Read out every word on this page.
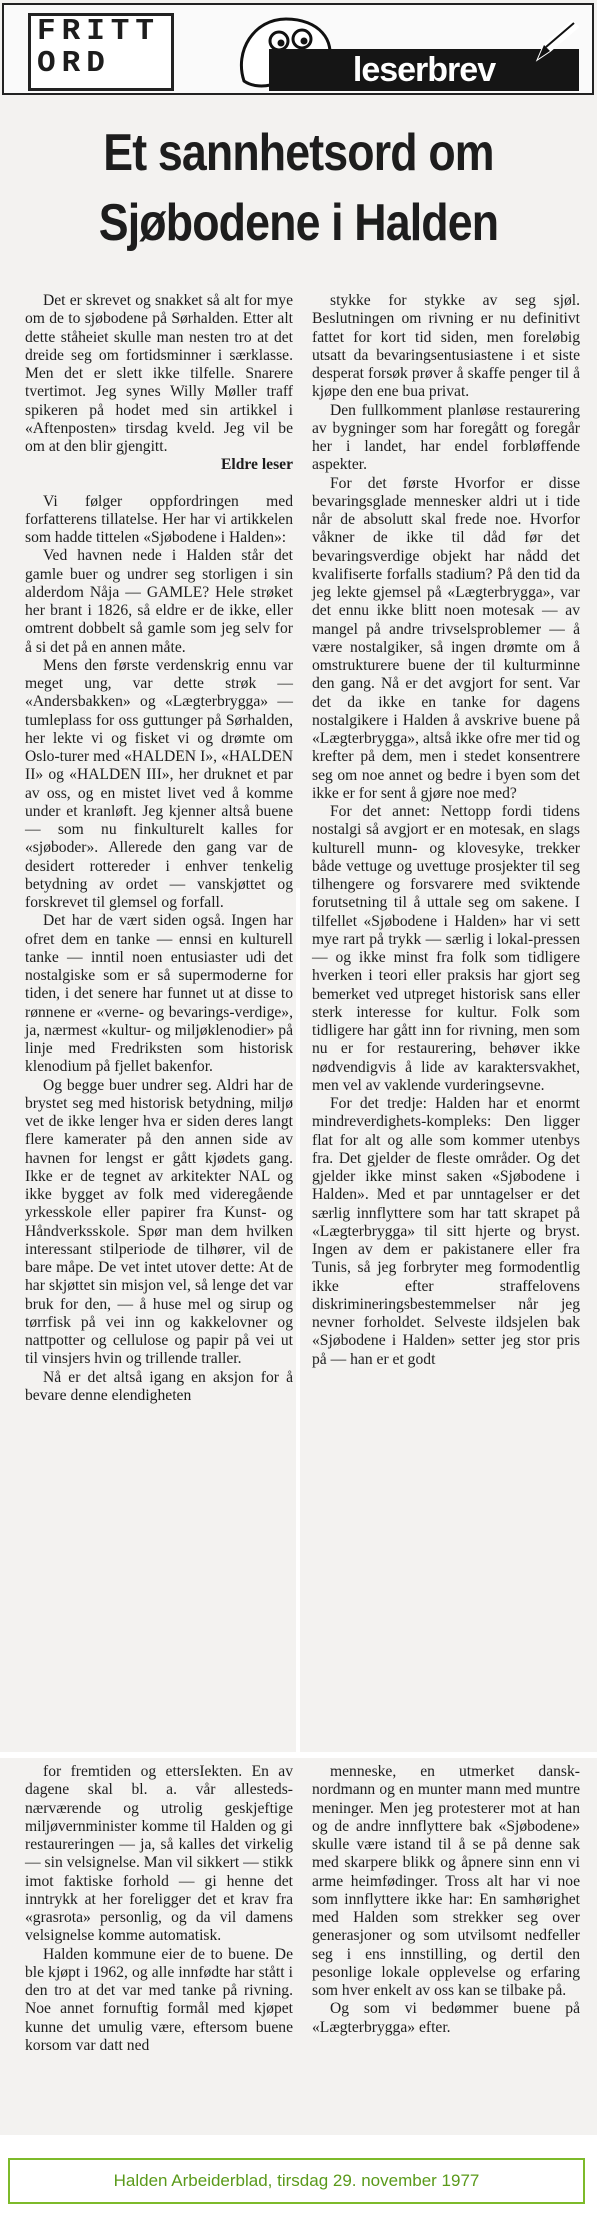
FRITT
ORD	leserbrev
Et sannhetsord om
Sjøbodene i Halden

Det er skrevet og snakket så alt for mye om de to sjøbodene på Sørhalden. Etter alt dette ståheiet skulle man nesten tro at det dreide seg om fortidsminner i særklasse. Men det er slett ikke tilfelle. Snarere tvertimot. Jeg synes Willy Møller traff spikeren på hodet med sin artikkel i «Aftenposten» tirsdag kveld. Jeg vil be om at den blir gjengitt.

Eldre leser

Vi følger oppfordringen med forfatterens tillatelse. Her har vi artikkelen som hadde tittelen «Sjøbodene i Halden»:

Ved havnen nede i Halden står det gamle buer og undrer seg storligen i sin alderdom Nåja — GAMLE? Hele strøket her brant i 1826, så eldre er de ikke, eller omtrent dobbelt så gamle som jeg selv for å si det på en annen måte.

Mens den første verdenskrig ennu var meget ung, var dette strøk — «Andersbakken» og «Lægterbrygga» — tumleplass for oss guttunger på Sørhalden, her lekte vi og fisket vi og drømte om Oslo-turer med «HALDEN I», «HALDEN II» og «HALDEN III», her druknet et par av oss, og en mistet livet ved å komme under et kranløft. Jeg kjenner altså buene — som nu finkulturelt kalles for «sjøboder». Allerede den gang var de desidert rottereder i enhver tenkelig betydning av ordet — vanskjøttet og forskrevet til glemsel og forfall.

Det har de vært siden også. Ingen har ofret dem en tanke — ennsi en kulturell tanke — inntil noen entusiaster udi det nostalgiske som er så supermoderne for tiden, i det senere har funnet ut at disse to rønnene er «verne- og bevarings-verdige», ja, nærmest «kultur- og miljøklenodier» på linje med Fredriksten som historisk klenodium på fjellet bakenfor.

Og begge buer undrer seg. Aldri har de brystet seg med historisk betydning, miljø vet de ikke lenger hva er siden deres langt flere kamerater på den annen side av havnen for lengst er gått kjødets gang. Ikke er de tegnet av arkitekter NAL og ikke bygget av folk med videregående yrkesskole eller papirer fra Kunst- og Håndverksskole. Spør man dem hvilken interessant stilperiode de tilhører, vil de bare måpe. De vet intet utover dette: At de har skjøttet sin misjon vel, så lenge det var bruk for den, — å huse mel og sirup og tørrfisk på vei inn og kakkelovner og nattpotter og cellulose og papir på vei ut til vinsjers hvin og trillende traller.

Nå er det altså igang en aksjon for å bevare denne elendigheten

stykke for stykke av seg sjøl. Beslutningen om rivning er nu definitivt fattet for kort tid siden, men foreløbig utsatt da bevaringsentusiastene i et siste desperat forsøk prøver å skaffe penger til å kjøpe den ene bua privat.

Den fullkomment planløse restaurering av bygninger som har foregått og foregår her i landet, har endel forbløffende aspekter.

For det første Hvorfor er disse bevaringsglade mennesker aldri ut i tide når de absolutt skal frede noe. Hvorfor våkner de ikke til dåd før det bevaringsverdige objekt har nådd det kvalifiserte forfalls stadium? På den tid da jeg lekte gjemsel på «Lægterbrygga», var det ennu ikke blitt noen motesak — av mangel på andre trivselsproblemer — å være nostalgiker, så ingen drømte om å omstrukturere buene der til kulturminne den gang. Nå er det avgjort for sent. Var det da ikke en tanke for dagens nostalgikere i Halden å avskrive buene på «Lægterbrygga», altså ikke ofre mer tid og krefter på dem, men i stedet konsentrere seg om noe annet og bedre i byen som det ikke er for sent å gjøre noe med?

For det annet: Nettopp fordi tidens nostalgi så avgjort er en motesak, en slags kulturell munn- og klovesyke, trekker både vettuge og uvettuge prosjekter til seg tilhengere og forsvarere med sviktende forutsetning til å uttale seg om sakene. I tilfellet «Sjøbodene i Halden» har vi sett mye rart på trykk — særlig i lokal-pressen — og ikke minst fra folk som tidligere hverken i teori eller praksis har gjort seg bemerket ved utpreget historisk sans eller sterk interesse for kultur. Folk som tidligere har gått inn for rivning, men som nu er for restaurering, behøver ikke nødvendigvis å lide av karaktersvakhet, men vel av vaklende vurderingsevne.

For det tredje: Halden har et enormt mindreverdighets-kompleks: Den ligger flat for alt og alle som kommer utenbys fra. Det gjelder de fleste områder. Og det gjelder ikke minst saken «Sjøbodene i Halden». Med et par unntagelser er det særlig innflyttere som har tatt skrapet på «Lægterbrygga» til sitt hjerte og bryst. Ingen av dem er pakistanere eller fra Tunis, så jeg forbryter meg formodentlig ikke efter straffelovens diskrimineringsbestemmelser når jeg nevner forholdet. Selveste ildsjelen bak «Sjøbodene i Halden» setter jeg stor pris på — han er et godt

for fremtiden og ettersIekten. En av dagene skal bl. a. vår allesteds-nærværende og utrolig geskjeftige miljøvernminister komme til Halden og gi restaureringen — ja, så kalles det virkelig — sin velsignelse. Man vil sikkert — stikk imot faktiske forhold — gi henne det inntrykk at her foreligger det et krav fra «grasrota» personlig, og da vil damens velsignelse komme automatisk.

Halden kommune eier de to buene. De ble kjøpt i 1962, og alle innfødte har stått i den tro at det var med tanke på rivning. Noe annet fornuftig formål med kjøpet kunne det umulig være, eftersom buene korsom var datt ned

menneske, en utmerket dansk-nordmann og en munter mann med muntre meninger. Men jeg protesterer mot at han og de andre innflyttere bak «Sjøbodene» skulle være istand til å se på denne sak med skarpere blikk og åpnere sinn enn vi arme heimfødinger. Tross alt har vi noe som innflyttere ikke har: En samhørighet med Halden som strekker seg over generasjoner og som utvilsomt nedfeller seg i ens innstilling, og dertil den pesonlige lokale opplevelse og erfaring som hver enkelt av oss kan se tilbake på.

Og som vi bedømmer buene på «Lægterbrygga» efter.

Halden Arbeiderblad, tirsdag 29. november 1977
